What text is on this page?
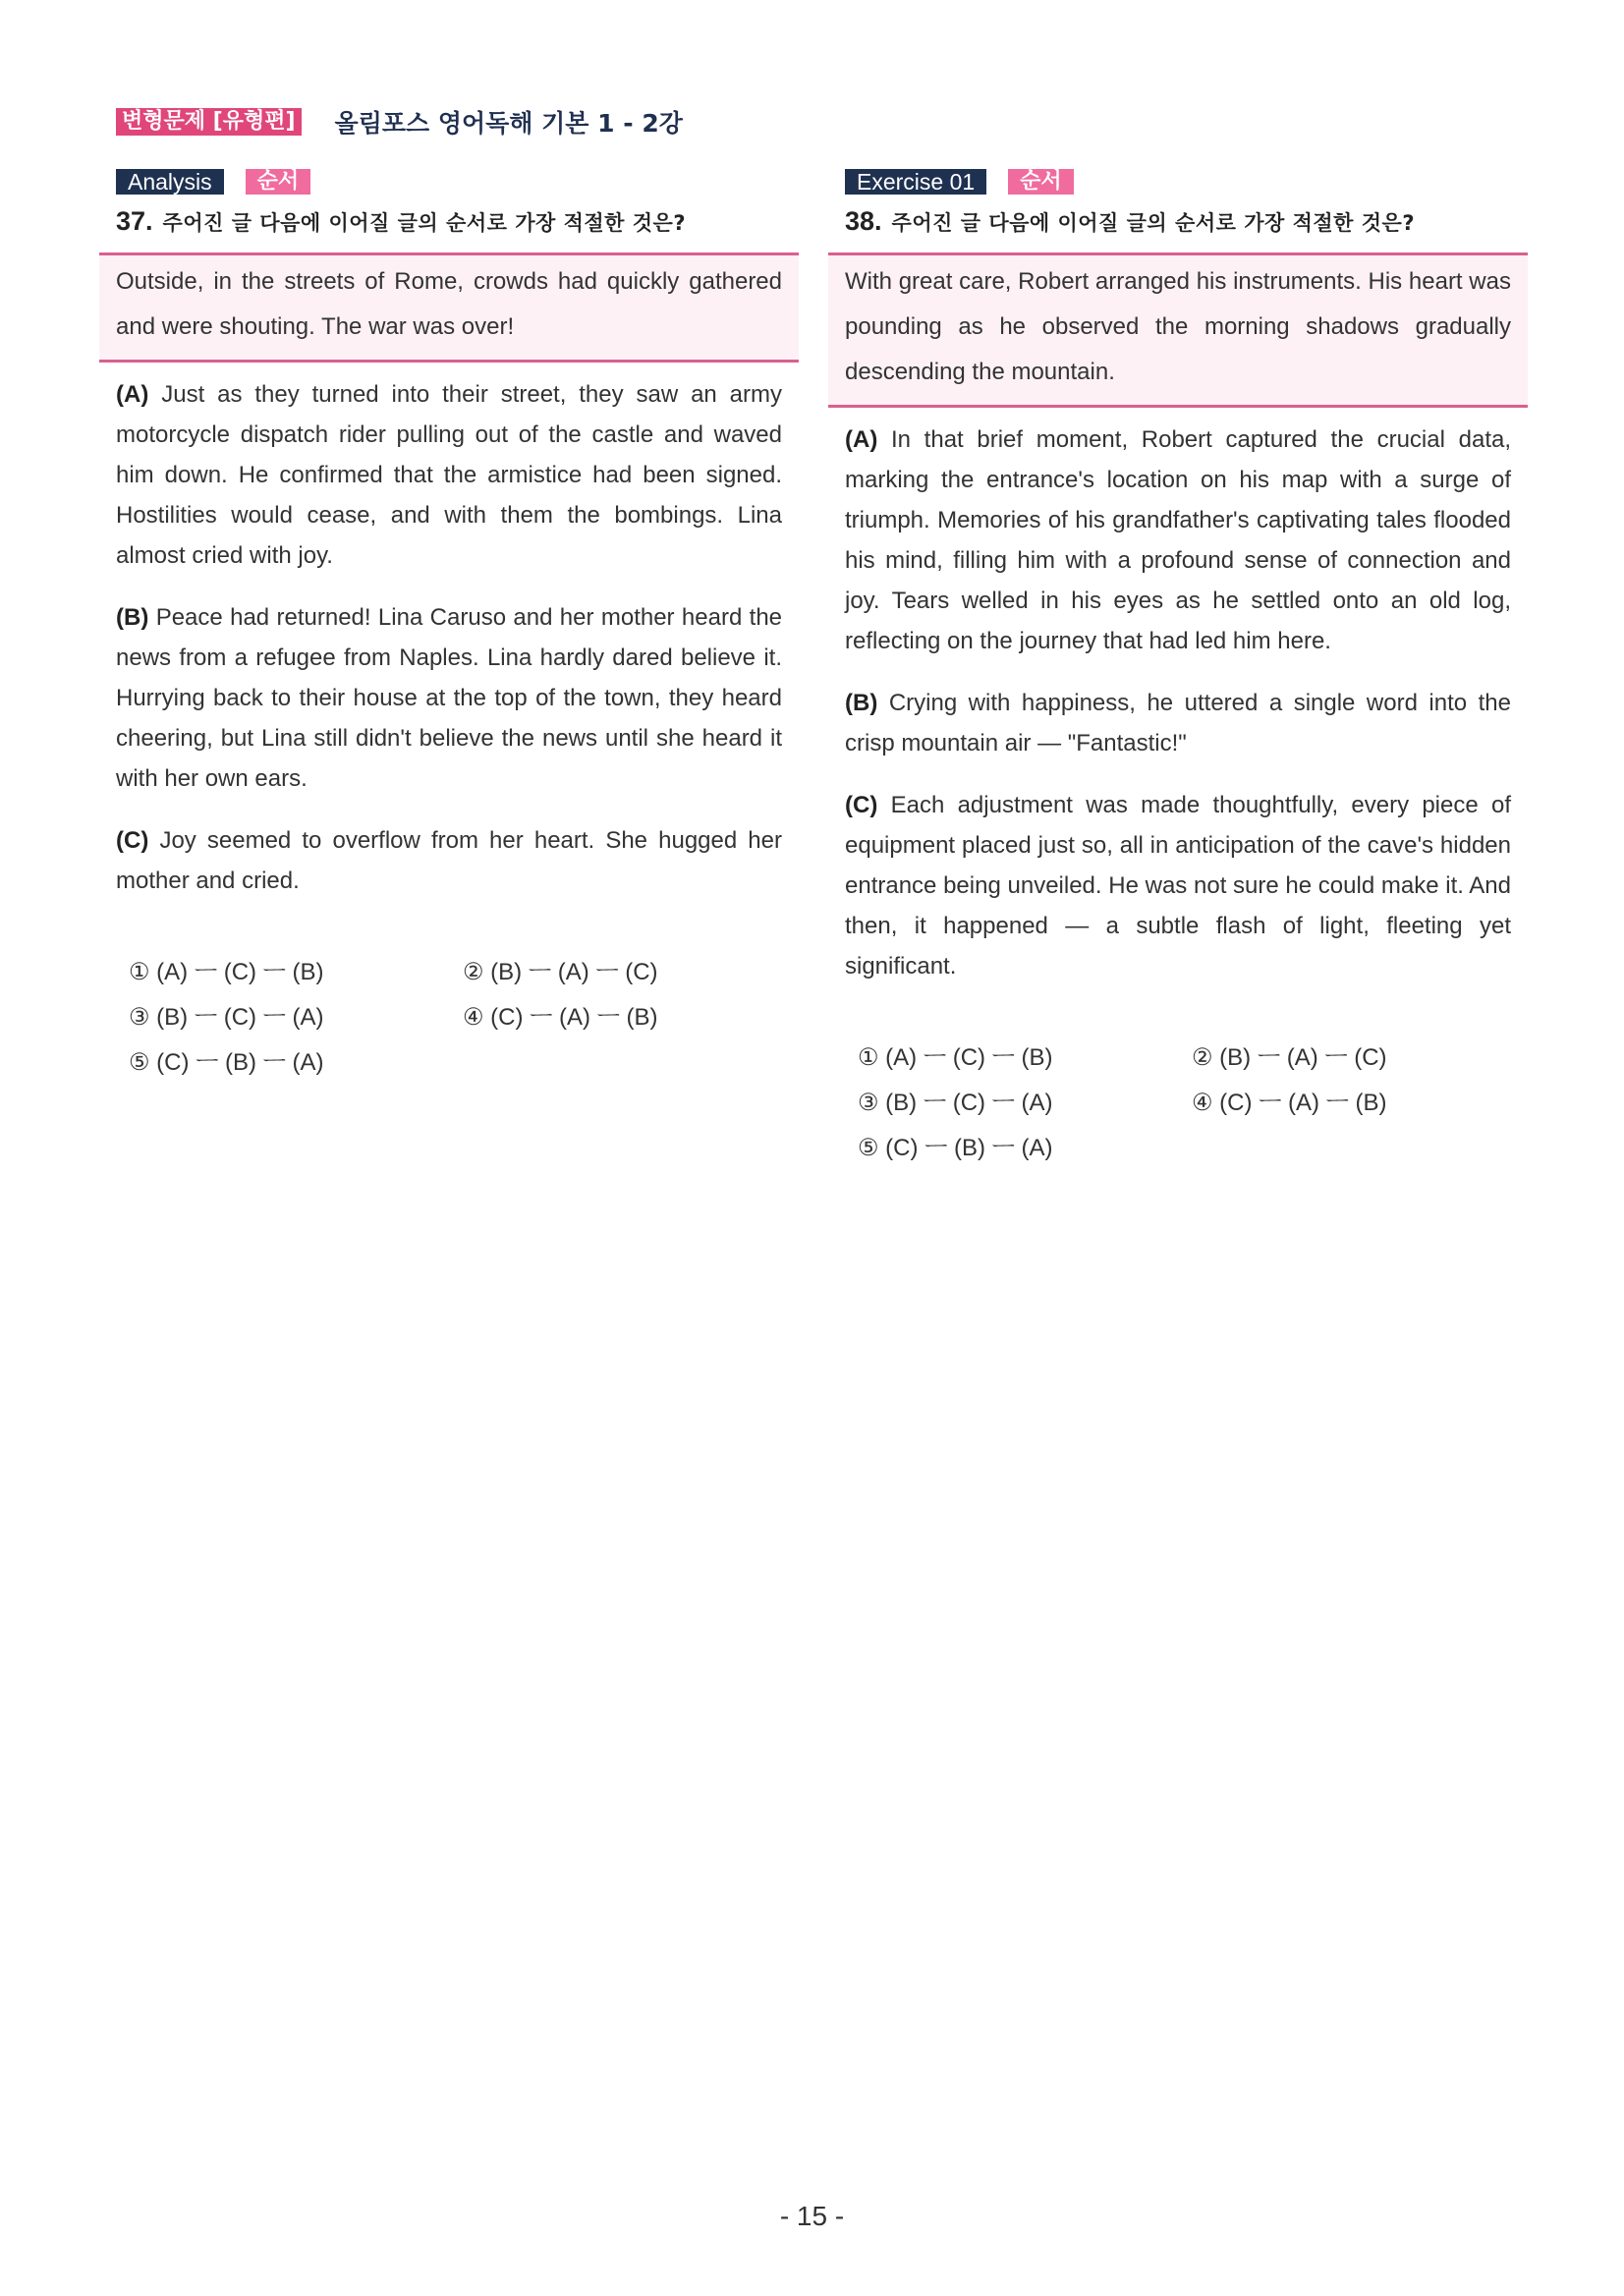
변형문제 [유형편] 올림포스 영어독해 기본 1 - 2강
Analysis	순서
37. 주어진 글 다음에 이어질 글의 순서로 가장 적절한 것은?
Outside, in the streets of Rome, crowds had quickly gathered and were shouting. The war was over!
(A) Just as they turned into their street, they saw an army motorcycle dispatch rider pulling out of the castle and waved him down. He confirmed that the armistice had been signed. Hostilities would cease, and with them the bombings. Lina almost cried with joy.
(B) Peace had returned! Lina Caruso and her mother heard the news from a refugee from Naples. Lina hardly dared believe it. Hurrying back to their house at the top of the town, they heard cheering, but Lina still didn't believe the news until she heard it with her own ears.
(C) Joy seemed to overflow from her heart. She hugged her mother and cried.
① (A) ㅡ (C) ㅡ (B)	② (B) ㅡ (A) ㅡ (C)
③ (B) ㅡ (C) ㅡ (A)	④ (C) ㅡ (A) ㅡ (B)
⑤ (C) ㅡ (B) ㅡ (A)
Exercise 01	순서
38. 주어진 글 다음에 이어질 글의 순서로 가장 적절한 것은?
With great care, Robert arranged his instruments. His heart was pounding as he observed the morning shadows gradually descending the mountain.
(A) In that brief moment, Robert captured the crucial data, marking the entrance's location on his map with a surge of triumph. Memories of his grandfather's captivating tales flooded his mind, filling him with a profound sense of connection and joy. Tears welled in his eyes as he settled onto an old log, reflecting on the journey that had led him here.
(B) Crying with happiness, he uttered a single word into the crisp mountain air — "Fantastic!"
(C) Each adjustment was made thoughtfully, every piece of equipment placed just so, all in anticipation of the cave's hidden entrance being unveiled. He was not sure he could make it. And then, it happened — a subtle flash of light, fleeting yet significant.
① (A) ㅡ (C) ㅡ (B)	② (B) ㅡ (A) ㅡ (C)
③ (B) ㅡ (C) ㅡ (A)	④ (C) ㅡ (A) ㅡ (B)
⑤ (C) ㅡ (B) ㅡ (A)
- 15 -
